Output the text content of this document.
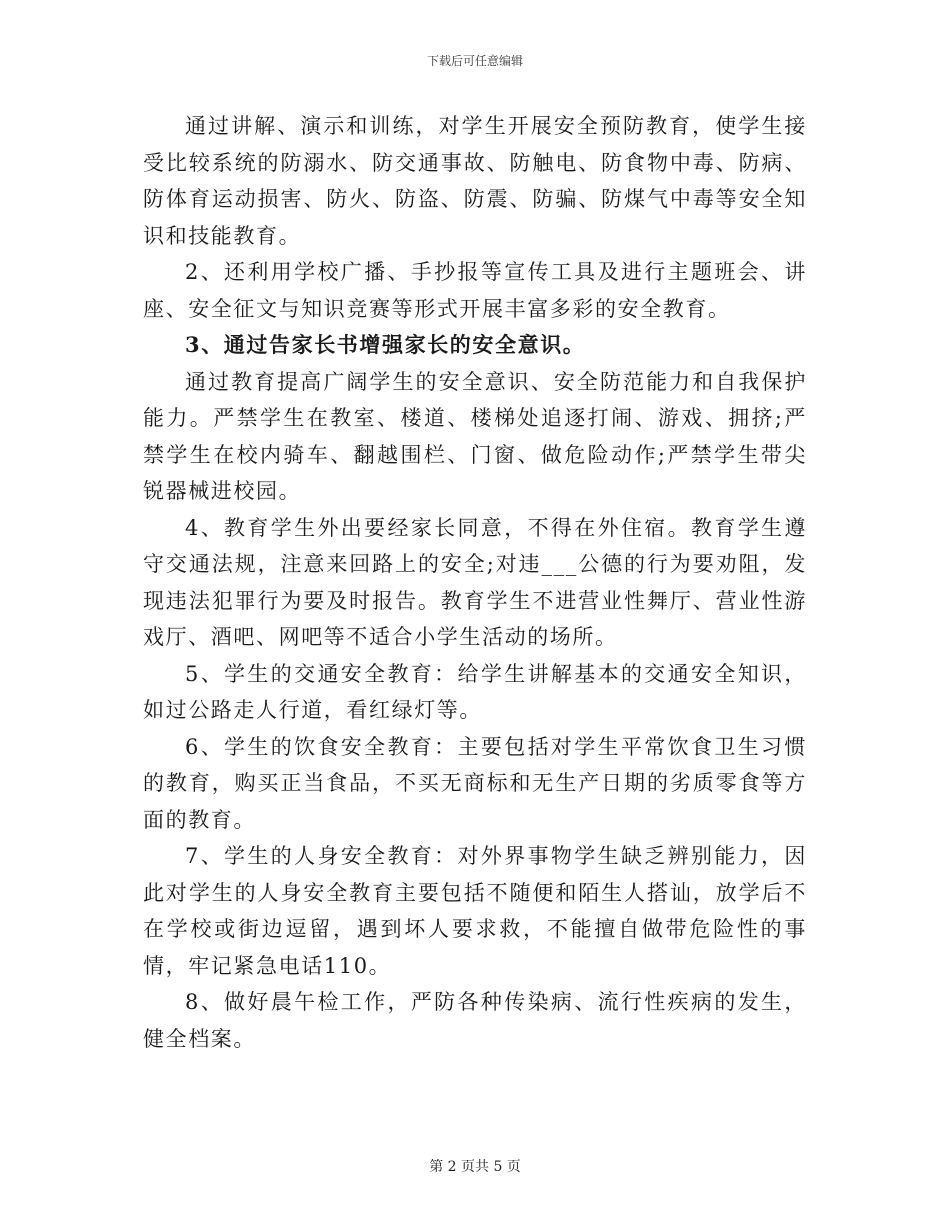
下载后可任意编辑

通过讲解、演示和训练，对学生开展安全预防教育，使学生接受比较系统的防溺水、防交通事故、防触电、防食物中毒、防病、防体育运动损害、防火、防盗、防震、防骗、防煤气中毒等安全知识和技能教育。

2、还利用学校广播、手抄报等宣传工具及进行主题班会、讲座、安全征文与知识竞赛等形式开展丰富多彩的安全教育。

3、通过告家长书增强家长的安全意识。

通过教育提高广阔学生的安全意识、安全防范能力和自我保护能力。严禁学生在教室、楼道、楼梯处追逐打闹、游戏、拥挤;严禁学生在校内骑车、翻越围栏、门窗、做危险动作;严禁学生带尖锐器械进校园。

4、教育学生外出要经家长同意，不得在外住宿。教育学生遵守交通法规，注意来回路上的安全;对违___公德的行为要劝阻，发现违法犯罪行为要及时报告。教育学生不进营业性舞厅、营业性游戏厅、酒吧、网吧等不适合小学生活动的场所。

5、学生的交通安全教育：给学生讲解基本的交通安全知识，如过公路走人行道，看红绿灯等。

6、学生的饮食安全教育：主要包括对学生平常饮食卫生习惯的教育，购买正当食品，不买无商标和无生产日期的劣质零食等方面的教育。

7、学生的人身安全教育：对外界事物学生缺乏辨别能力，因此对学生的人身安全教育主要包括不随便和陌生人搭讪，放学后不在学校或街边逗留，遇到坏人要求救，不能擅自做带危险性的事情，牢记紧急电话110。

8、做好晨午检工作，严防各种传染病、流行性疾病的发生，健全档案。

第 2 页共 5 页
